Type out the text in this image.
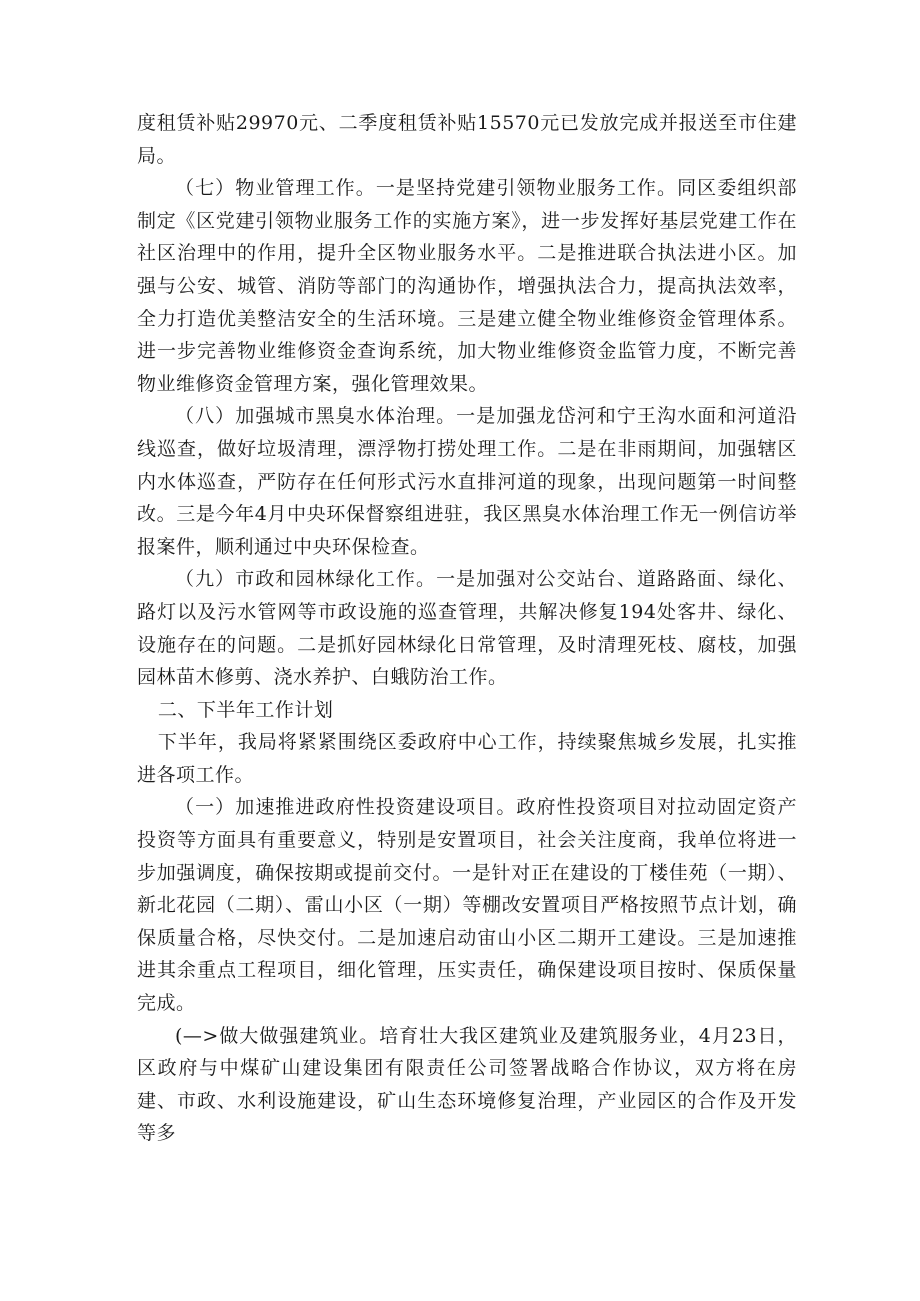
度租赁补贴29970元、二季度租赁补贴15570元已发放完成并报送至市住建局。

（七）物业管理工作。一是坚持党建引领物业服务工作。同区委组织部制定《区党建引领物业服务工作的实施方案》，进一步发挥好基层党建工作在社区治理中的作用，提升全区物业服务水平。二是推进联合执法进小区。加强与公安、城管、消防等部门的沟通协作，增强执法合力，提高执法效率，全力打造优美整洁安全的生活环境。三是建立健全物业维修资金管理体系。进一步完善物业维修资金查询系统，加大物业维修资金监管力度，不断完善物业维修资金管理方案，强化管理效果。

（八）加强城市黑臭水体治理。一是加强龙岱河和宁王沟水面和河道沿线巡查，做好垃圾清理，漂浮物打捞处理工作。二是在非雨期间，加强辖区内水体巡查，严防存在任何形式污水直排河道的现象，出现问题第一时间整改。三是今年4月中央环保督察组进驻，我区黑臭水体治理工作无一例信访举报案件，顺利通过中央环保检查。

（九）市政和园林绿化工作。一是加强对公交站台、道路路面、绿化、路灯以及污水管网等市政设施的巡查管理，共解决修复194处客井、绿化、设施存在的问题。二是抓好园林绿化日常管理，及时清理死枝、腐枝，加强园林苗木修剪、浇水养护、白蛾防治工作。

二、下半年工作计划

下半年，我局将紧紧围绕区委政府中心工作，持续聚焦城乡发展，扎实推进各项工作。

（一）加速推进政府性投资建设项目。政府性投资项目对拉动固定资产投资等方面具有重要意义，特别是安置项目，社会关注度商，我单位将进一步加强调度，确保按期或提前交付。一是针对正在建设的丁楼佳苑（一期）、新北花园（二期）、雷山小区（一期）等棚改安置项目严格按照节点计划，确保质量合格，尽快交付。二是加速启动宙山小区二期开工建设。三是加速推进其余重点工程项目，细化管理，压实责任，确保建设项目按时、保质保量完成。

(—>做大做强建筑业。培育壮大我区建筑业及建筑服务业，4月23日，区政府与中煤矿山建设集团有限责任公司签署战略合作协议，双方将在房建、市政、水利设施建设，矿山生态环境修复治理，产业园区的合作及开发等多
